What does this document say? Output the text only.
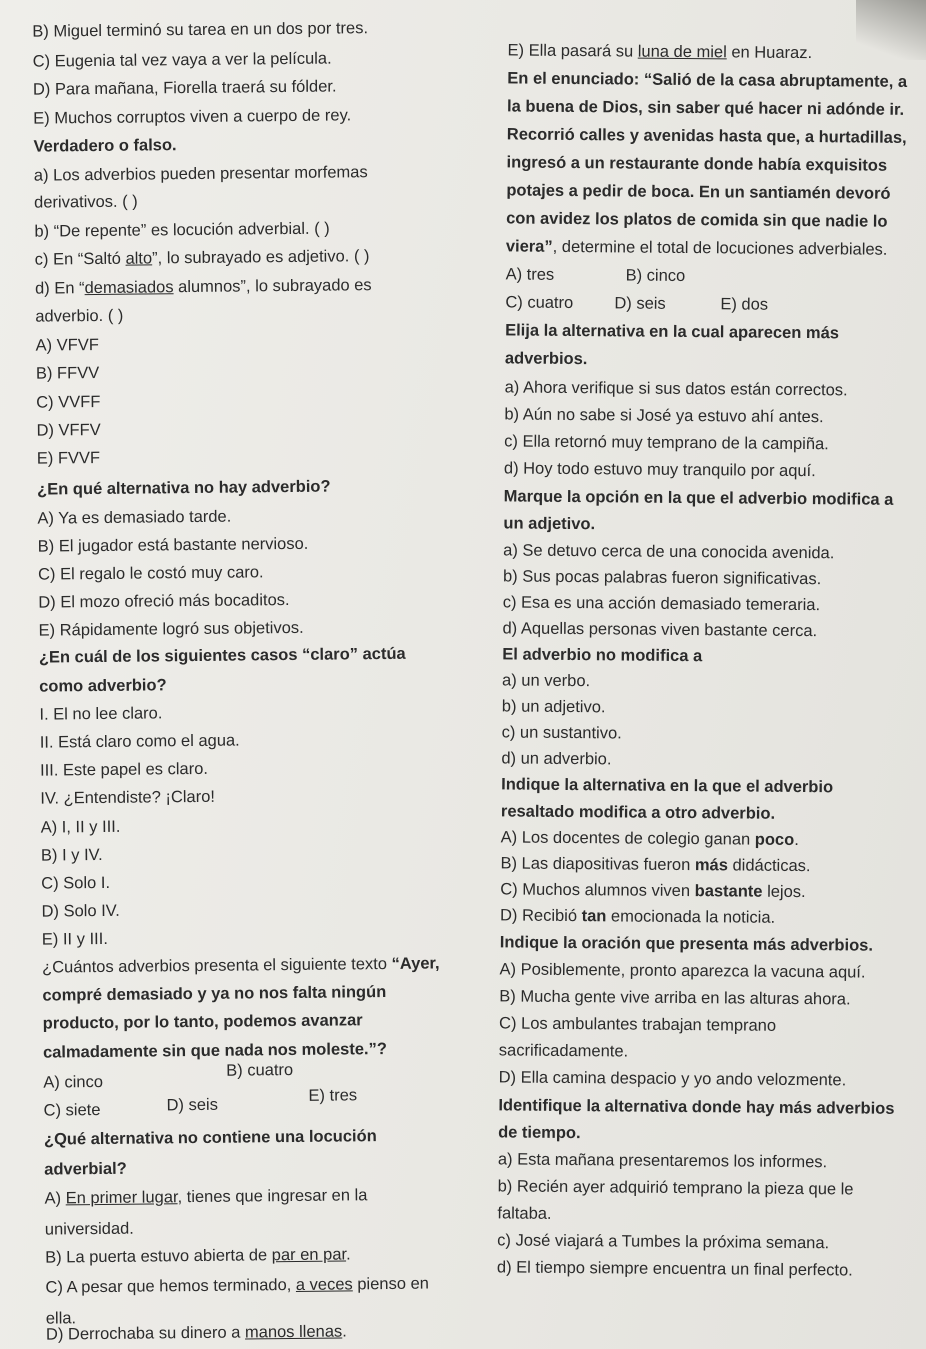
B) Miguel terminó su tarea en un dos por tres.
C) Eugenia tal vez vaya a ver la película.
D) Para mañana, Fiorella traerá su fólder.
E) Muchos corruptos viven a cuerpo de rey.
Verdadero o falso.
a) Los adverbios pueden presentar morfemas
derivativos. ( )
b) “De repente” es locución adverbial. ( )
c) En “Saltó alto”, lo subrayado es adjetivo. ( )
d) En “demasiados alumnos”, lo subrayado es
adverbio. ( )
A) VFVF
B) FFVV
C) VVFF
D) VFFV
E) FVVF
¿En qué alternativa no hay adverbio?
A) Ya es demasiado tarde.
B) El jugador está bastante nervioso.
C) El regalo le costó muy caro.
D) El mozo ofreció más bocaditos.
E) Rápidamente logró sus objetivos.
¿En cuál de los siguientes casos “claro” actúa
como adverbio?
I. El no lee claro.
II. Está claro como el agua.
III. Este papel es claro.
IV. ¿Entendiste? ¡Claro!
A) I, II y III.
B) I y IV.
C) Solo I.
D) Solo IV.
E) II y III.
¿Cuántos adverbios presenta el siguiente texto “Ayer,
compré demasiado y ya no nos falta ningún
producto, por lo tanto, podemos avanzar
calmadamente sin que nada nos moleste.”?
A) cinco
B) cuatro
C) siete	D) seis
E) tres
¿Qué alternativa no contiene una locución
adverbial?
A) En primer lugar, tienes que ingresar en la
universidad.
B) La puerta estuvo abierta de par en par.
C) A pesar que hemos terminado, a veces pienso en
ella.
D) Derrochaba su dinero a manos llenas.
E) Ella pasará su luna de miel en Huaraz.
En el enunciado: “Salió de la casa abruptamente, a
la buena de Dios, sin saber qué hacer ni adónde ir.
Recorrió calles y avenidas hasta que, a hurtadillas,
ingresó a un restaurante donde había exquisitos
potajes a pedir de boca. En un santiamén devoró
con avidez los platos de comida sin que nadie lo
viera”, determine el total de locuciones adverbiales.
A) tres	B) cinco
C) cuatro D) seis	E) dos
Elija la alternativa en la cual aparecen más
adverbios.
a) Ahora verifique si sus datos están correctos.
b) Aún no sabe si José ya estuvo ahí antes.
c) Ella retornó muy temprano de la campiña.
d) Hoy todo estuvo muy tranquilo por aquí.
Marque la opción en la que el adverbio modifica a
un adjetivo.
a) Se detuvo cerca de una conocida avenida.
b) Sus pocas palabras fueron significativas.
c) Esa es una acción demasiado temeraria.
d) Aquellas personas viven bastante cerca.
El adverbio no modifica a
a) un verbo.
b) un adjetivo.
c) un sustantivo.
d) un adverbio.
Indique la alternativa en la que el adverbio
resaltado modifica a otro adverbio.
A) Los docentes de colegio ganan poco.
B) Las diapositivas fueron más didácticas.
C) Muchos alumnos viven bastante lejos.
D) Recibió tan emocionada la noticia.
Indique la oración que presenta más adverbios.
A) Posiblemente, pronto aparezca la vacuna aquí.
B) Mucha gente vive arriba en las alturas ahora.
C) Los ambulantes trabajan temprano
sacrificadamente.
D) Ella camina despacio y yo ando velozmente.
Identifique la alternativa donde hay más adverbios
de tiempo.
a) Esta mañana presentaremos los informes.
b) Recién ayer adquirió temprano la pieza que le
faltaba.
c) José viajará a Tumbes la próxima semana.
d) El tiempo siempre encuentra un final perfecto.
